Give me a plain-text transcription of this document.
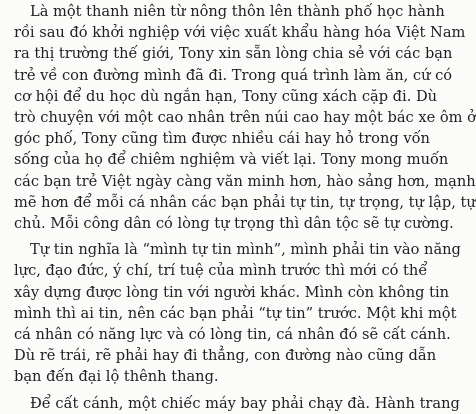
Là một thanh niên từ nông thôn lên thành phố học hành
rồi sau đó khởi nghiệp với việc xuất khẩu hàng hóa Việt Nam
ra thị trường thế giới, Tony xin sẵn lòng chia sẻ với các bạn
trẻ về con đường mình đã đi. Trong quá trình làm ăn, cứ có
cơ hội để du học dù ngắn hạn, Tony cũng xách cặp đi. Dù
trò chuyện với một cao nhân trên núi cao hay một bác xe ôm ở
góc phố, Tony cũng tìm được nhiều cái hay hỏ trong vốn
sống của họ để chiêm nghiệm và viết lại. Tony mong muốn
các bạn trẻ Việt ngày càng văn minh hơn, hào sảng hơn, mạnh
mẽ hơn để mỗi cá nhân các bạn phải tự tin, tự trọng, tự lập, tự
chủ. Mỗi công dân có lòng tự trọng thì dân tộc sẽ tự cường.

Tự tin nghĩa là “mình tự tin mình”, mình phải tin vào năng
lực, đạo đức, ý chí, trí tuệ của mình trước thì mới có thể
xây dựng được lòng tin với người khác. Mình còn không tin
mình thì ai tin, nên các bạn phải “tự tin” trước. Một khi một
cá nhân có năng lực và có lòng tin, cá nhân đó sẽ cất cánh.
Dù rẽ trái, rẽ phải hay đi thẳng, con đường nào cũng dẫn
bạn đến đại lộ thênh thang.

Để cất cánh, một chiếc máy bay phải chạy đà. Hành trang
